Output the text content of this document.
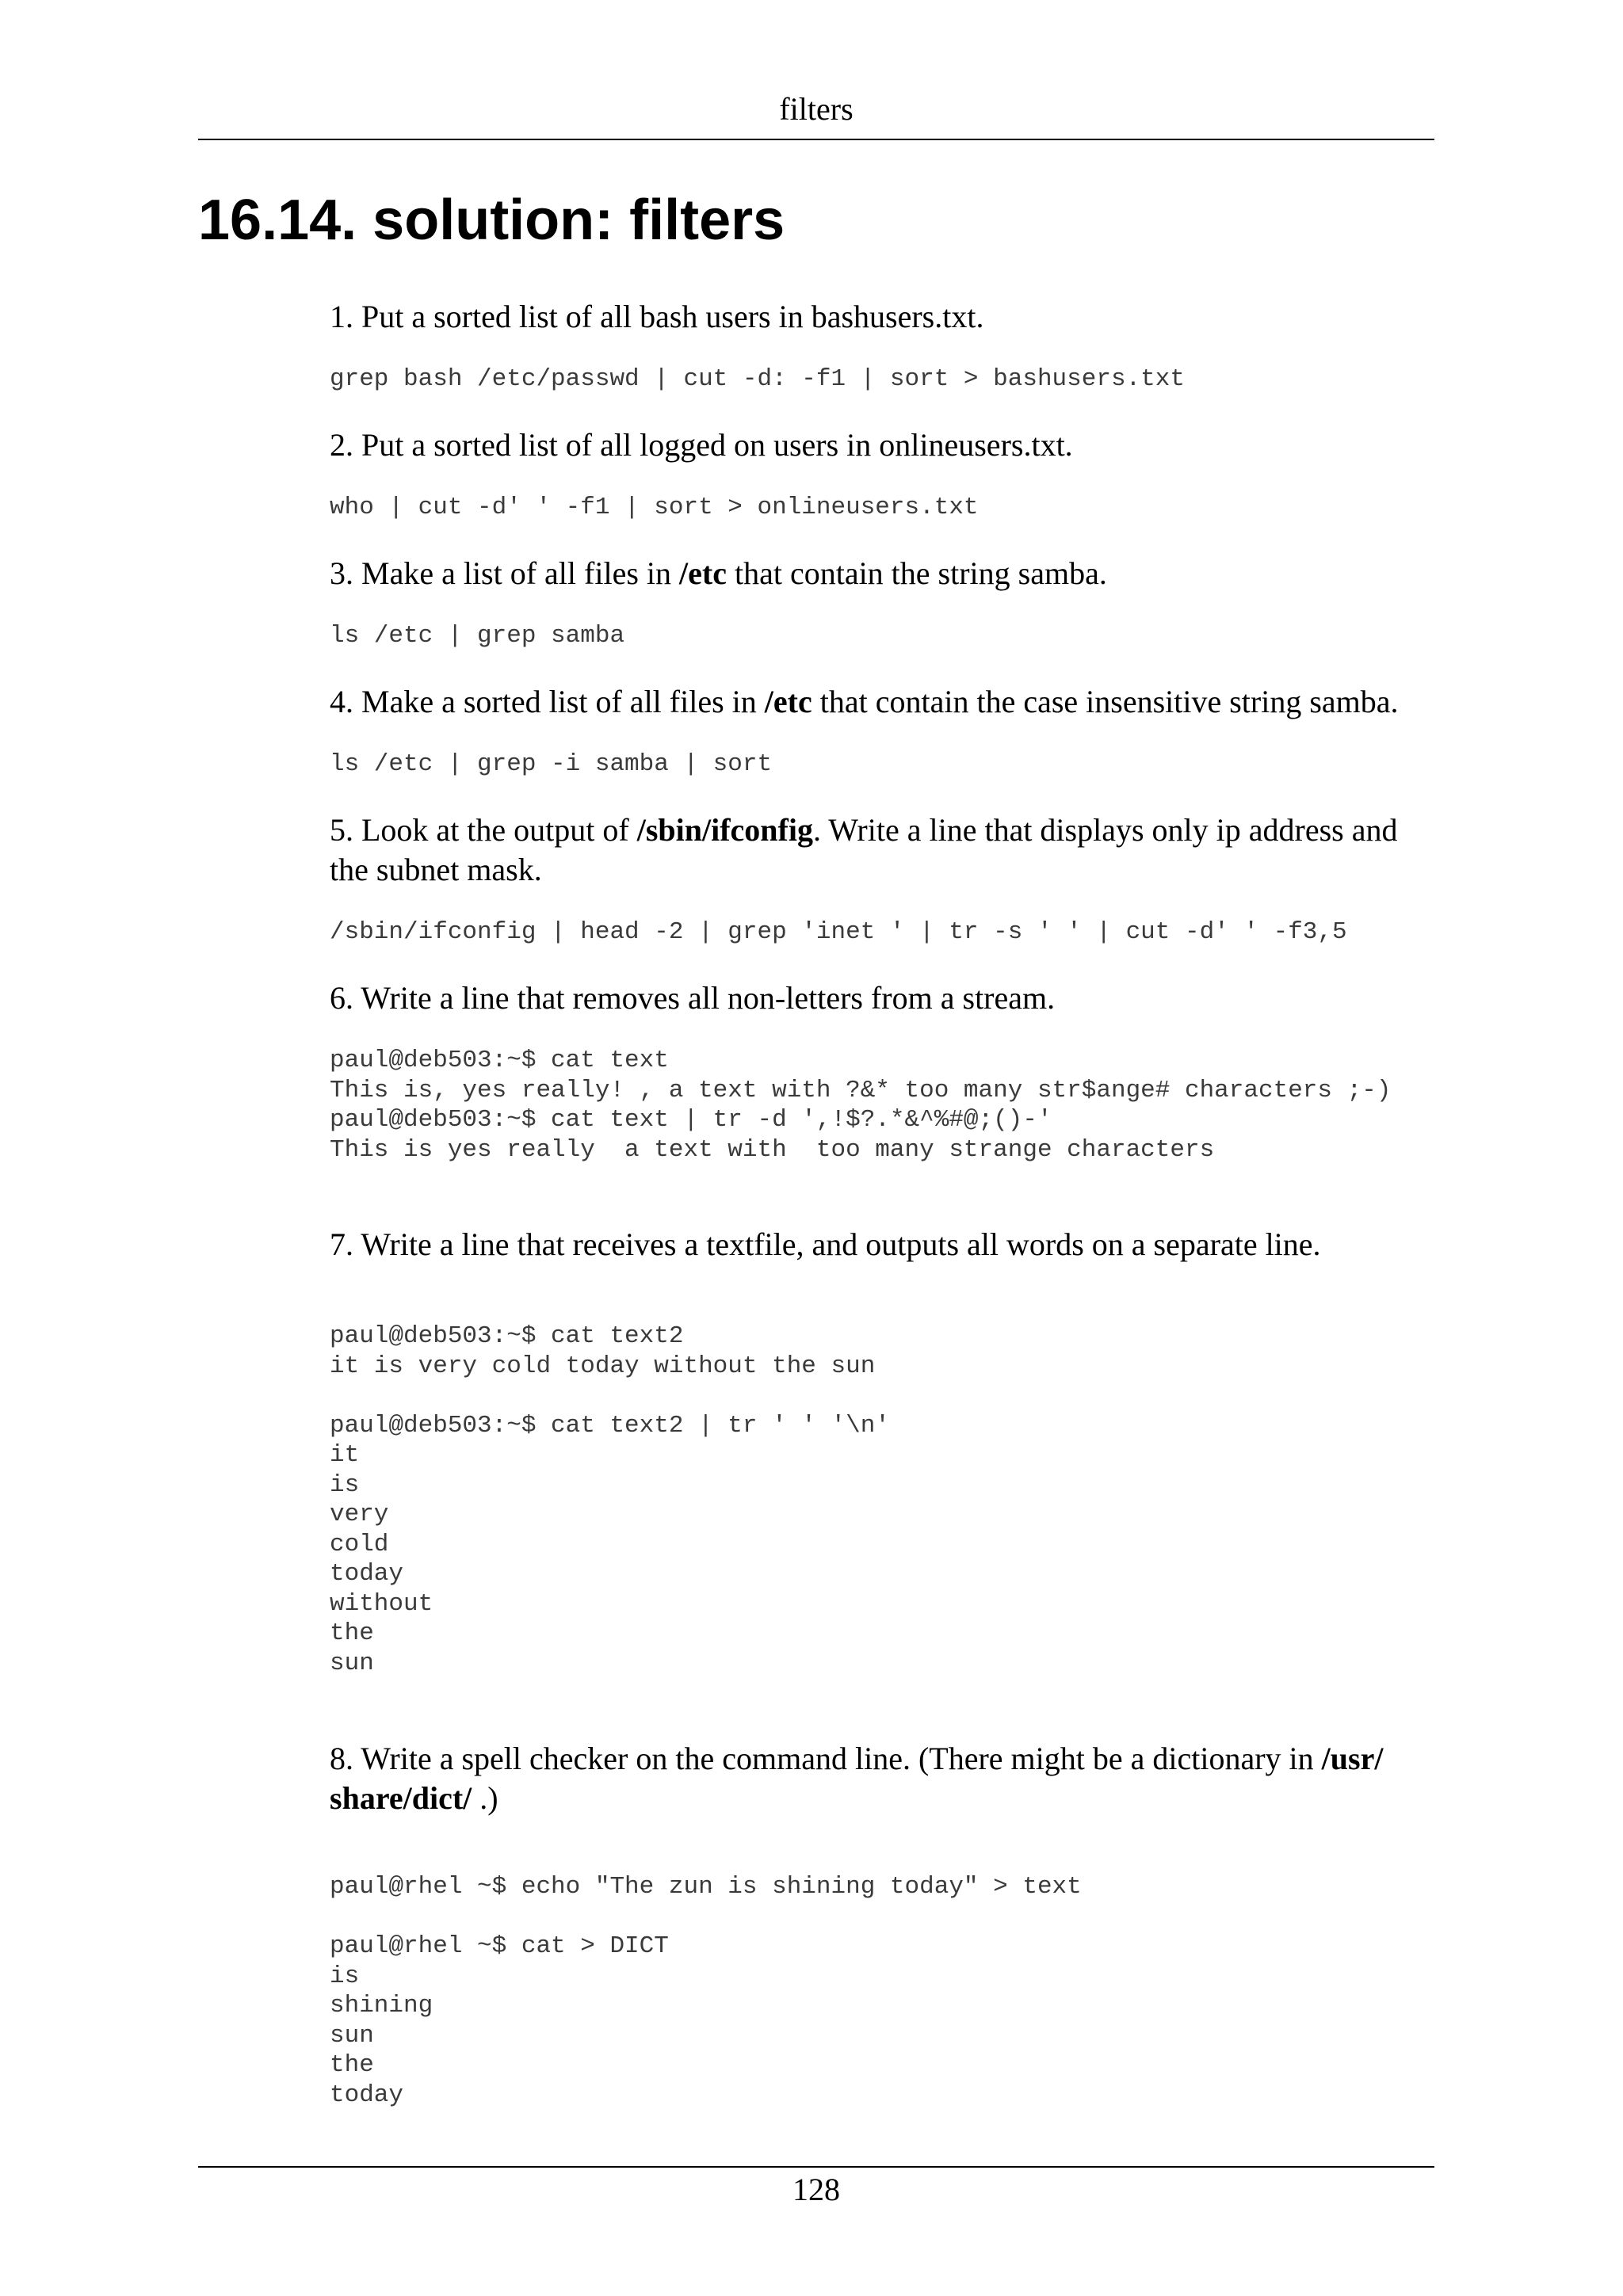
filters
16.14. solution: filters

1. Put a sorted list of all bash users in bashusers.txt.

grep bash /etc/passwd | cut -d: -f1 | sort > bashusers.txt

2. Put a sorted list of all logged on users in onlineusers.txt.

who | cut -d' ' -f1 | sort > onlineusers.txt

3. Make a list of all files in /etc that contain the string samba.

ls /etc | grep samba

4. Make a sorted list of all files in /etc that contain the case insensitive string samba.

ls /etc | grep -i samba | sort

5. Look at the output of /sbin/ifconfig. Write a line that displays only ip address and the subnet mask.

/sbin/ifconfig | head -2 | grep 'inet ' | tr -s ' ' | cut -d' ' -f3,5

6. Write a line that removes all non-letters from a stream.

paul@deb503:~$ cat text
This is, yes really! , a text with ?&* too many str$ange# characters ;-)
paul@deb503:~$ cat text | tr -d ',!$?.*&^%#@;()-'
This is yes really  a text with  too many strange characters

7. Write a line that receives a textfile, and outputs all words on a separate line.

paul@deb503:~$ cat text2
it is very cold today without the sun

paul@deb503:~$ cat text2 | tr ' ' '\n'
it
is
very
cold
today
without
the
sun

8. Write a spell checker on the command line. (There might be a dictionary in /usr/ share/dict/ .)

paul@rhel ~$ echo "The zun is shining today" > text

paul@rhel ~$ cat > DICT
is
shining
sun
the
today
128
